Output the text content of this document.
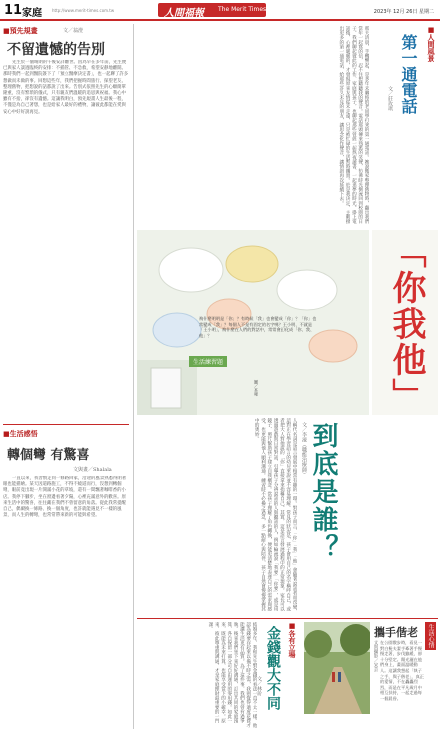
11 家庭	http://www.merit-times.com.tw	人間福報 The Merit Times	2023年 12月 26日 星期二
■預先規畫	文／翁澄
不留遺憾的告別
先生於一個晴朗的午後安詳離世。因為早在多年前，先生便已與家人談過臨終的安排：不插管、不急救，希望安靜地離開。那時我們一起到醫院簽下了「預立醫療決定書」，也一起聊了許多想做而未做的事。回想這些年，我們把握時間旅行、探望老友、整理舊物，把想說的話都說了出來。告別式依照先生的心願簡單隆重，沒有繁瑣的儀式，只有親友們溫暖的追思與祝福。我心中雖有不捨，卻沒有遺憾。這讓我明白，預先規畫人生最後一程，不僅是為自己著想，也是給家人最好的禮物，讓彼此都能在愛與安心中好好說再見。
■生活感悟
轉個彎 有驚喜
文與畫／Shalala
一直以來，我習慣走同一條路回家，沿途的風景熟悉得閉著眼也能描繪。某天因道路施工，不得不繞道而行，沒想到轉個彎，眼前竟出現一片開滿小花的草坡，還有一間飄著咖啡香的小店。我停下腳步，坐在窗邊看著夕陽，心裡充滿意外的歡喜。原來生活中的驚喜，往往藏在我們不曾留意的角落。從此我常提醒自己，偶爾換一條路、換一個角度，也許就能遇見不一樣的風景，而人生的轉彎，也常常帶來新的可能與希望。
那天清晨，手機響起，是多年未聯絡的老同學打來的第一通電話。她說搬家整理舊物時，翻出我們當年一起寫的信，忍不住想聽聽我的聲音。電話那頭傳來熟悉的笑聲，彷彿時光倒流回到校園的日子。我們聊起彼此的工作、家庭與孩子，也聊起那些曾經一起熬夜讀書、一起追夢的時光。掛上電話後，心裡暖暖的，才發現原來友情從未走遠，只是被忙碌的生活暫時擱置。於是我決定，主動撥出更多的第一通電話，給那些許久未見的朋友，讓思念化作聲音，讓情誼再次延續下去。	■人間風景
第一通電話
文／莊玫琪
生活練習題
圖／本報
飛什麼明明是「你」？有時候「我」也會變成「你」？「你」也常變成「我」？每個人不是有固定的名字嗎？王小明、不就是「王小明」，飛什麼在人們的對話中，常常會幻化成「你、我、他」？	「你我他」
到底是誰？
文／李濠（職能治療師）
人稱代名詞是語言發展中相當有趣的一環。對孩子而言，「你」「我」「他」會隨著說話者而改變，這對正在學習語言的幼兒來說並不容易理解。常見的狀況是，孩子會用自己的名字稱呼自己，或者把大人對他說的「你」直接拿來指稱自己。其實，這是語言發展過程中的正常現象。家長可以透過遊戲與日常對話，引導孩子分辨說話的人與聽話的人，例如輪流說「我要」「你要」，或是用鏡子、照片幫助孩子建立自我概念。當孩子理解了角色轉換，便能更清楚地表達自己的需求與感受，也更能與他人順利溝通。練習時不必操之過急，多一點耐心與陪伴，孩子自然會慢慢掌握其中的奧妙。
結婚多年，我和先生對金錢的看法一直不太一樣。他認為錢要存起來以備不時之需，我則覺得適度花費才能讓生活更有品質。為了這件事，我們也曾有過爭執。後來我們坐下來好好溝通，訂出共同的家庭預算，各自保留一部分可自由運用的零用錢。如此一來，既能為未來打算，也能享受當下的小確幸。原來，彼此尊重與溝通，才是家庭理財最重要的一門課。	■各有立場
金錢觀大不同
文／林玠
生活心情
攜手偕老
文與攝影／宋芸 在公園散步時，看見一對白髮夫妻手牽著手慢慢走著，步伐雖緩，卻十分堅定。陽光灑在他們身上，畫面溫暖動人。這讓我想起「執子之手，與子偕老」，真正的愛情，不在轟轟烈烈，而是在平凡歲月中相互扶持，一起走過每一個晨昏。
